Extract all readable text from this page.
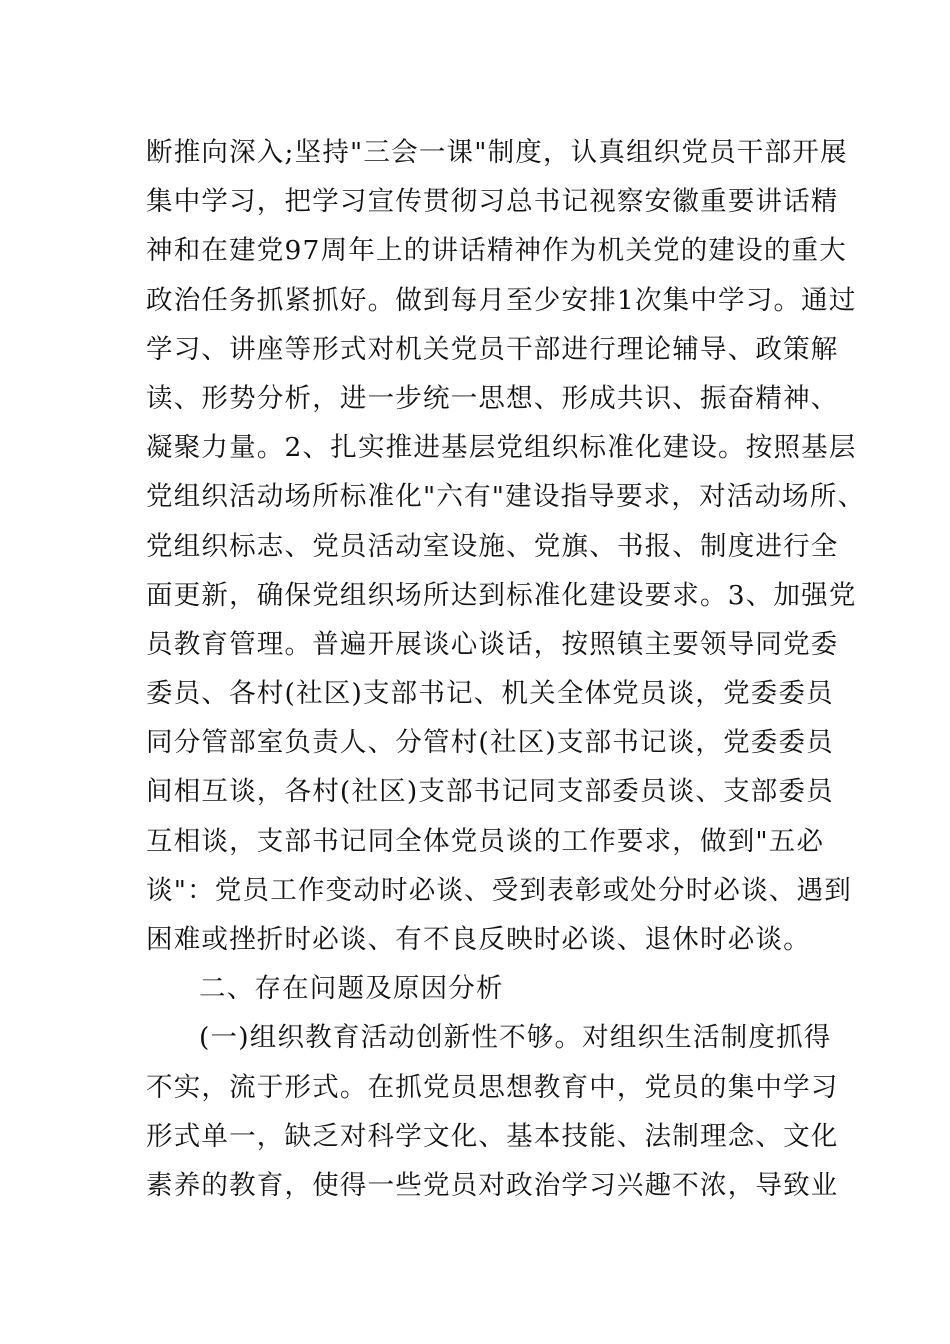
断推向深入;坚持"三会一课"制度，认真组织党员干部开展
集中学习，把学习宣传贯彻习总书记视察安徽重要讲话精
神和在建党97周年上的讲话精神作为机关党的建设的重大
政治任务抓紧抓好。做到每月至少安排1次集中学习。通过
学习、讲座等形式对机关党员干部进行理论辅导、政策解
读、形势分析，进一步统一思想、形成共识、振奋精神、
凝聚力量。2、扎实推进基层党组织标准化建设。按照基层
党组织活动场所标准化"六有"建设指导要求，对活动场所、
党组织标志、党员活动室设施、党旗、书报、制度进行全
面更新，确保党组织场所达到标准化建设要求。3、加强党
员教育管理。普遍开展谈心谈话，按照镇主要领导同党委
委员、各村(社区)支部书记、机关全体党员谈，党委委员
同分管部室负责人、分管村(社区)支部书记谈，党委委员
间相互谈，各村(社区)支部书记同支部委员谈、支部委员
互相谈，支部书记同全体党员谈的工作要求，做到"五必
谈"：党员工作变动时必谈、受到表彰或处分时必谈、遇到
困难或挫折时必谈、有不良反映时必谈、退休时必谈。
二、存在问题及原因分析
(一)组织教育活动创新性不够。对组织生活制度抓得
不实，流于形式。在抓党员思想教育中，党员的集中学习
形式单一，缺乏对科学文化、基本技能、法制理念、文化
素养的教育，使得一些党员对政治学习兴趣不浓，导致业
